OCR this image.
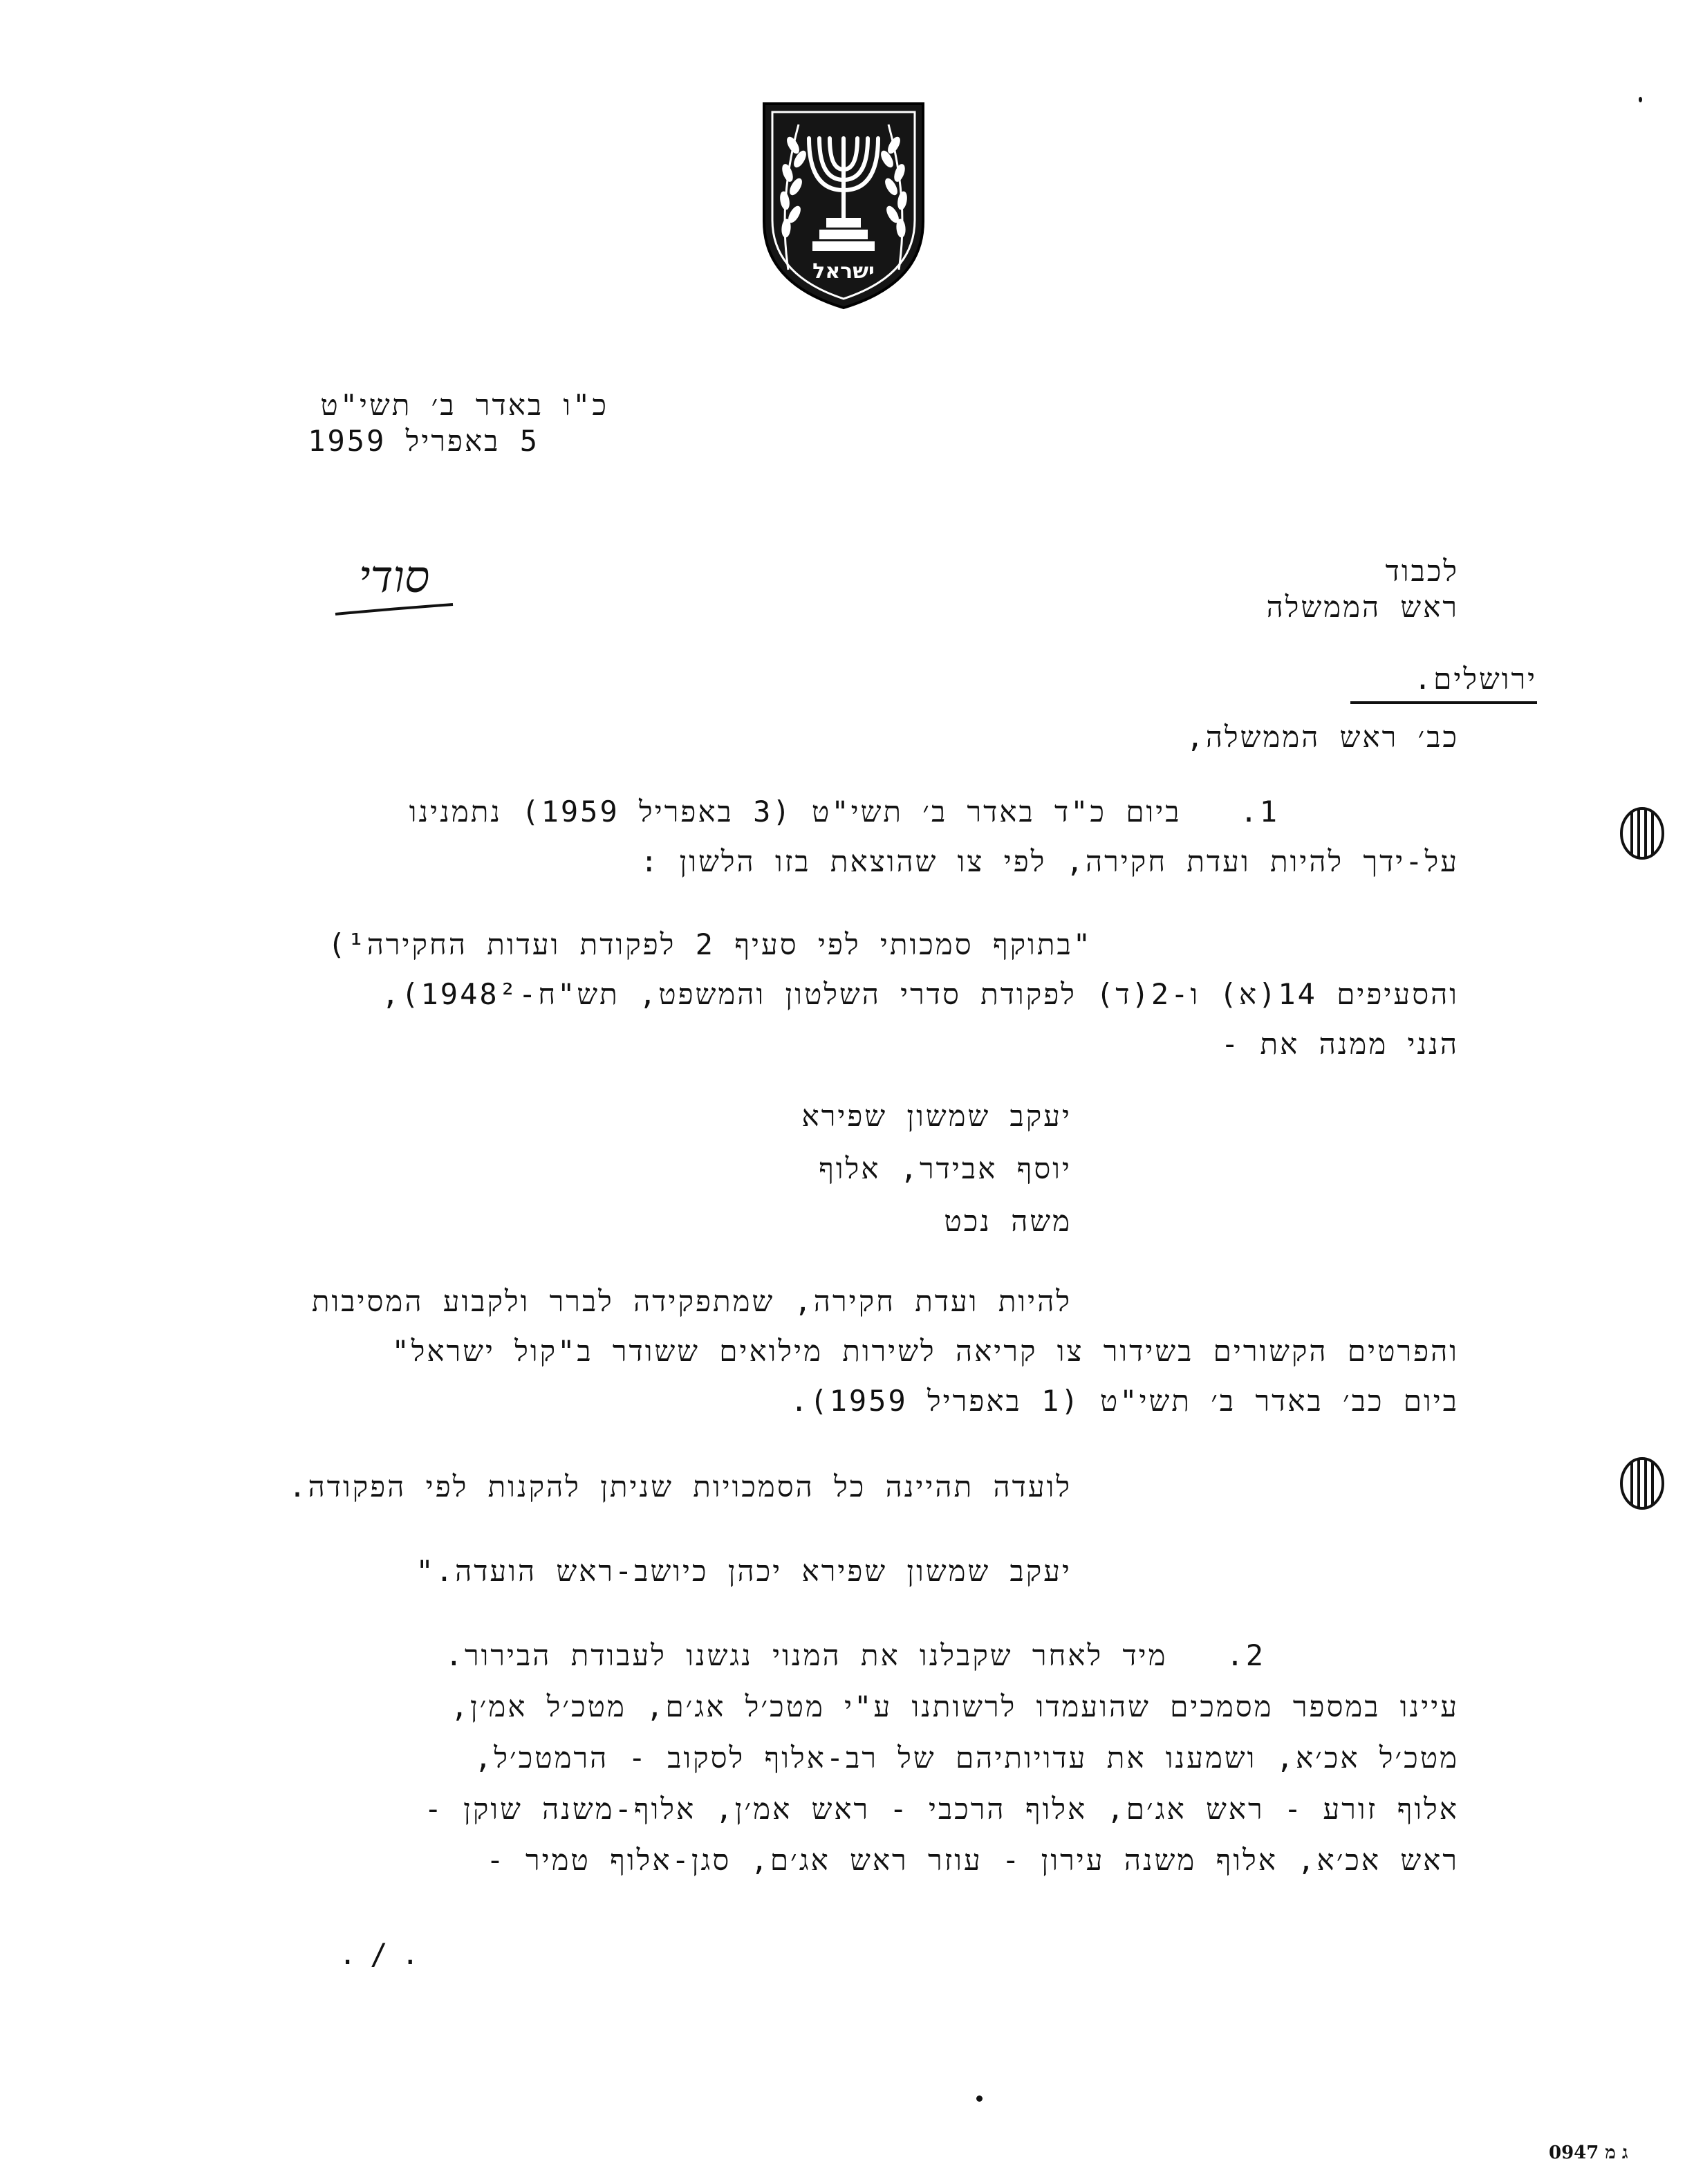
ישראל
כ"ו באדר ב׳ תשי"ט
5 באפריל 1959
סודי	לכבוד
ראש הממשלה

ירושלים.

כב׳ ראש הממשלה,
1.   ביום כ"ד באדר ב׳ תשי"ט (3 באפריל 1959) נתמנינו
על-ידך להיות ועדת חקירה, לפי צו שהוצאת בזו הלשון :
"בתוקף סמכותי לפי סעיף 2 לפקודת ועדות החקירה¹)
והסעיפים 14(א) ו-2(ד) לפקודת סדרי השלטון והמשפט, תש"ח-1948²),
הנני ממנה את -
יעקב שמשון שפירא
יוסף אבידר, אלוף
משה נכט
להיות ועדת חקירה, שמתפקידה לברר ולקבוע המסיבות
והפרטים הקשורים בשידור צו קריאה לשירות מילואים ששודר ב"קול ישראל"
ביום כב׳ באדר ב׳ תשי"ט (1 באפריל 1959).
לועדה תהיינה כל הסמכויות שניתן להקנות לפי הפקודה.
יעקב שמשון שפירא יכהן כיושב-ראש הועדה."
2.   מיד לאחר שקבלנו את המנוי נגשנו לעבודת הבירור.
עיינו במספר מסמכים שהועמדו לרשותנו ע"י מטכ׳ל אג׳ם, מטכ׳ל אמ׳ן,
מטכ׳ל אכ׳א, ושמענו את עדויותיהם של רב-אלוף לסקוב - הרמטכ׳ל,
אלוף זורע - ראש אג׳ם, אלוף הרכבי - ראש אמ׳ן, אלוף-משנה שוקן -
ראש אכ׳א, אלוף משנה עירון - עוזר ראש אג׳ם, סגן-אלוף טמיר -
./.
ג מ 0947
